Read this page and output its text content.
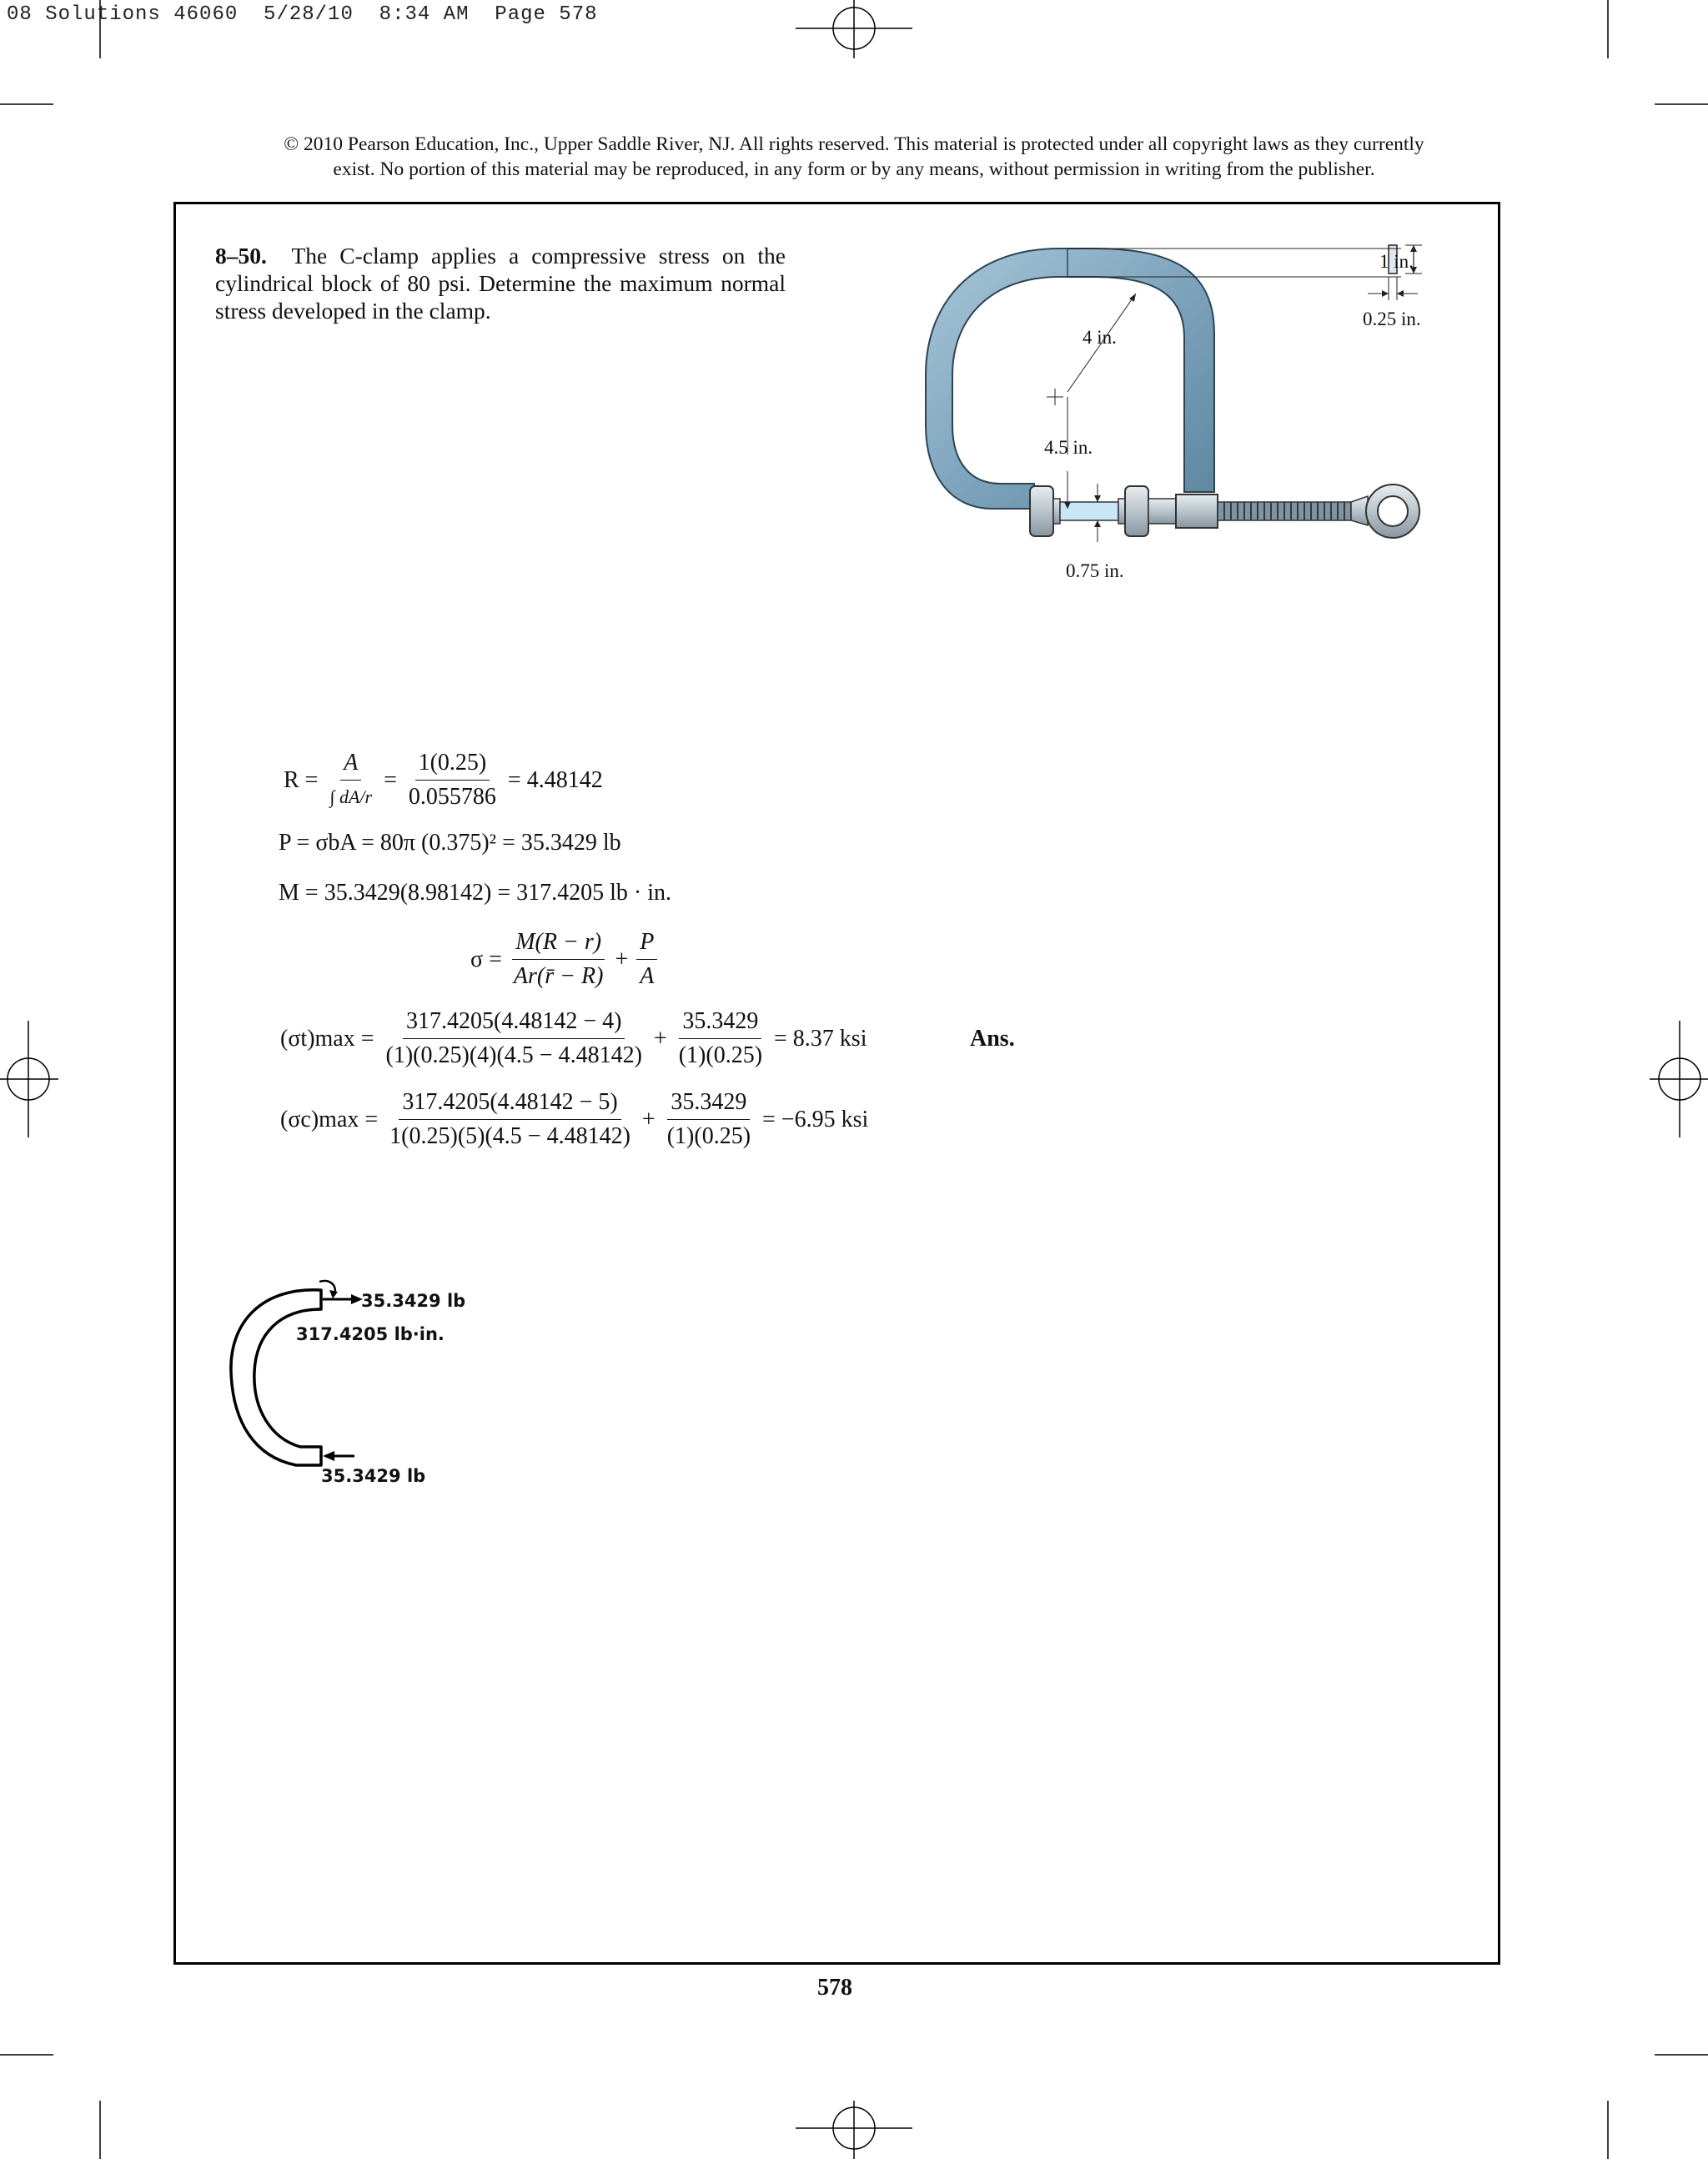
08 Solutions 46060  5/28/10  8:34 AM  Page 578
© 2010 Pearson Education, Inc., Upper Saddle River, NJ. All rights reserved. This material is protected under all copyright laws as they currently
exist. No portion of this material may be reproduced, in any form or by any means, without permission in writing from the publisher.
8–50. The C-clamp applies a compressive stress on the cylindrical block of 80 psi. Determine the maximum normal stress developed in the clamp.
1 in.
0.25 in.
4 in.
4.5 in.
0.75 in.
$R = \frac{A}{\int dA/r} = \frac{1(0.25)}{0.055786} = 4.48142$
P = σbA = 80π (0.375)² = 35.3429 lb
M = 35.3429(8.98142) = 317.4205 lb · in.
$\sigma = \frac{M(R - r)}{Ar(r̄ - R)} + \frac{P}{A}$
$(\sigma t)\max = \frac{317.4205(4.48142 - 4)}{(1)(0.25)(4)(4.5 - 4.48142)} + \frac{35.3429}{(1)(0.25)} = 8.37$ ksi	Ans.
$(\sigma c)\max = \frac{317.4205(4.48142 - 5)}{1(0.25)(5)(4.5 - 4.48142)} + \frac{35.3429}{(1)(0.25)} = -6.95$ ksi
35.3429 lb
317.4205 lb·in.
35.3429 lb
578
